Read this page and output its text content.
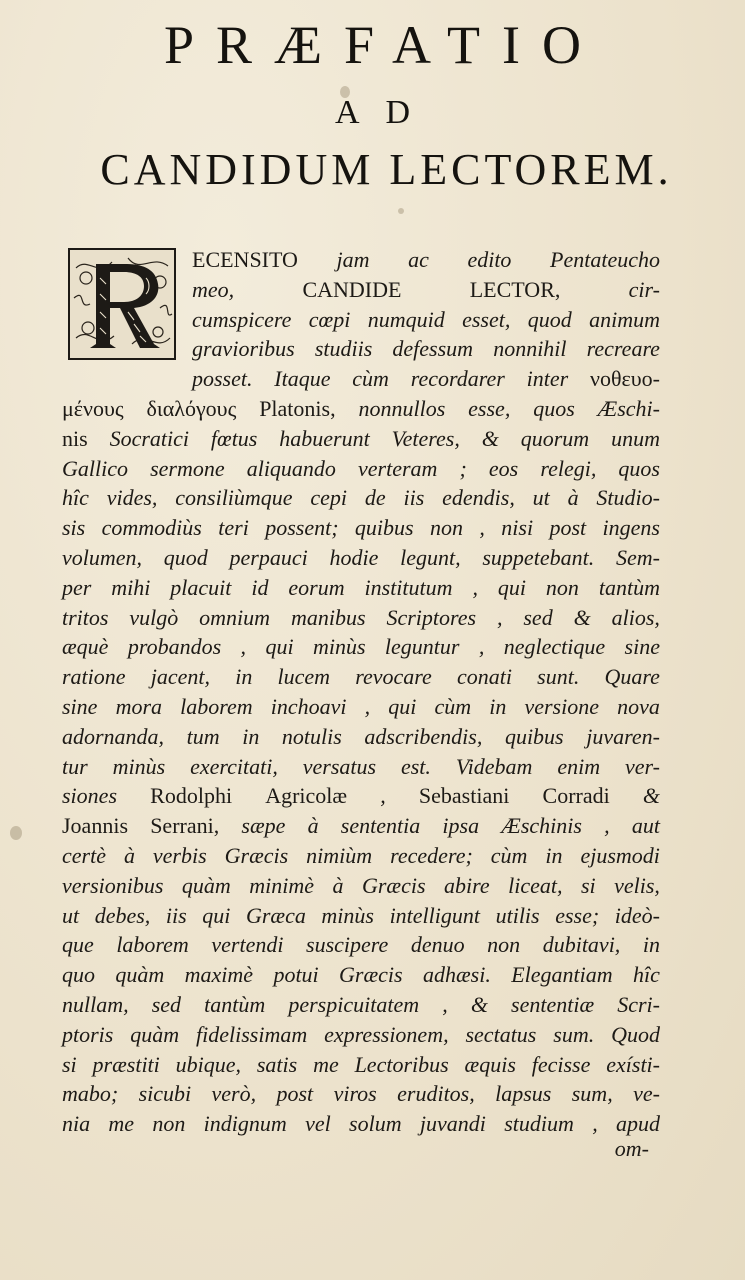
PRÆFATIO
AD
CANDIDUM LECTOREM.
ECENSITO jam ac edito Pentateucho
meo,	CANDIDE	LECTOR,	cir-
cumspicere cœpi numquid esset, quod animum
gravioribus studiis defessum nonnihil recreare
posset. Itaque cùm recordarer inter νοθευο-
μένους διαλόγους Platonis, nonnullos esse, quos Æschi-
nis Socratici fœtus habuerunt Veteres, & quorum unum
Gallico sermone aliquando verteram ; eos relegi, quos
hîc vides, consiliùmque cepi de iis edendis, ut à Studio-
sis commodiùs teri possent; quibus non , nisi post ingens
volumen, quod perpauci hodie legunt, suppetebant. Sem-
per mihi placuit id eorum institutum , qui non tantùm
tritos vulgò omnium manibus Scriptores , sed & alios,
æquè probandos , qui minùs leguntur , neglectique sine
ratione jacent, in lucem revocare conati sunt. Quare
sine mora laborem inchoavi , qui cùm in versione nova
adornanda, tum in notulis adscribendis, quibus juvaren-
tur minùs exercitati, versatus est. Videbam enim ver-
siones Rodolphi Agricolæ , Sebastiani Corradi &
Joannis Serrani, sæpe à sententia ipsa Æschinis , aut
certè à verbis Græcis nimiùm recedere; cùm in ejusmodi
versionibus quàm minimè à Græcis abire liceat, si velis,
ut debes, iis qui Græca minùs intelligunt utilis esse; ideò-
que laborem vertendi suscipere denuo non dubitavi, in
quo quàm maximè potui Græcis adhæsi. Elegantiam hîc
nullam, sed tantùm perspicuitatem , & sententiæ Scri-
ptoris quàm fidelissimam expressionem, sectatus sum. Quod
si præstiti ubique, satis me Lectoribus æquis fecisse exísti-
mabo; sicubi verò, post viros eruditos, lapsus sum, ve-
nia me non indignum vel solum juvandi studium , apud
om-
